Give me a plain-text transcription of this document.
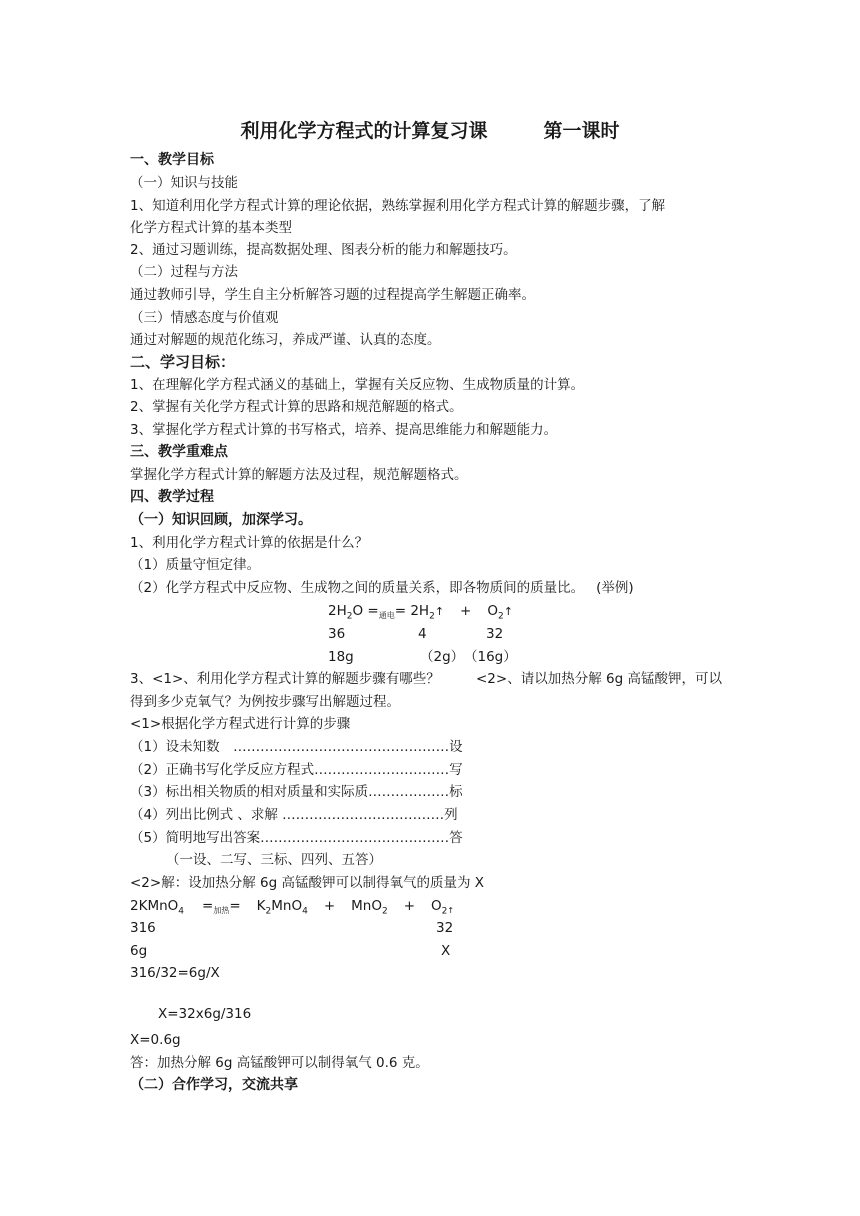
利用化学方程式的计算复习课	第一课时
一、教学目标
（一）知识与技能
1、知道利用化学方程式计算的理论依据，熟练掌握利用化学方程式计算的解题步骤，了解
化学方程式计算的基本类型
2、通过习题训练，提高数据处理、图表分析的能力和解题技巧。
（二）过程与方法
通过教师引导，学生自主分析解答习题的过程提高学生解题正确率。
（三）情感态度与价值观
通过对解题的规范化练习，养成严谨、认真的态度。
二、学习目标：
1、在理解化学方程式涵义的基础上，掌握有关反应物、生成物质量的计算。
2、掌握有关化学方程式计算的思路和规范解题的格式。
3、掌握化学方程式计算的书写格式，培养、提高思维能力和解题能力。
三、教学重难点
掌握化学方程式计算的解题方法及过程，规范解题格式。
四、教学过程
（一）知识回顾，加深学习。
1、利用化学方程式计算的依据是什么？
（1）质量守恒定律。
（2）化学方程式中反应物、生成物之间的质量关系，即各物质间的质量比。 (举例)
$2H_2O =_{通电}=$ $2H_2↑$ + $O_2↑$
36	4	32
18g	（2g） （16g）
3、<1>、利用化学方程式计算的解题步骤有哪些？	<2>、请以加热分解 6g 高锰酸钾，可以
得到多少克氧气？为例按步骤写出解题过程。
<1>根据化学方程式进行计算的步骤
（1）设未知数　…………………………………………设
（2）正确书写化学反应方程式…………………………写
（3）标出相关物质的相对质量和实际质………………标
（4）列出比例式 、求解 ………………………………列
（5）简明地写出答案……………………………………答
（一设、二写、三标、四列、五答）
<2>解：设加热分解 6g 高锰酸钾可以制得氧气的质量为 X
2KMnO$_4$ $=_{加热}= K_2MnO_4 + MnO_2 + O_{2↑}$
316	32
6g	X
316/32=6g/X
X=32x6g/316
X=0.6g
答：加热分解 6g 高锰酸钾可以制得氧气 0.6 克。
（二）合作学习，交流共享
